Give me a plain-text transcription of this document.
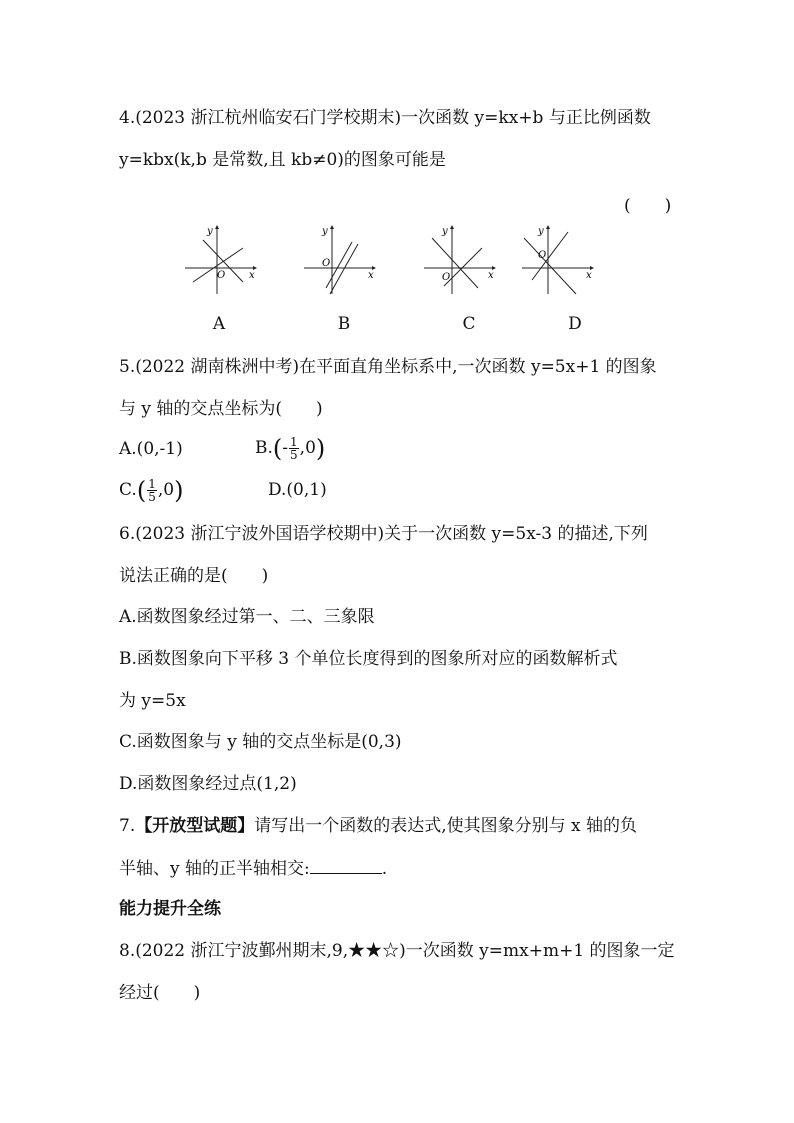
4.(2023 浙江杭州临安石门学校期末)一次函数 y=kx+b 与正比例函数
y=kbx(k,b 是常数,且 kb≠0)的图象可能是
(　　)
y
x
O
A
y
x
O
B
y
x
O
C
y
x
O
D
5.(2022 湖南株洲中考)在平面直角坐标系中,一次函数 y=5x+1 的图象
与 y 轴的交点坐标为(　　)
A.(0,-1)	$B.(- \frac{1}{5} ,0)$
$C.( \frac{1}{5} ,0)$	D.(0,1)
6.(2023 浙江宁波外国语学校期中)关于一次函数 y=5x-3 的描述,下列
说法正确的是(　　)
A.函数图象经过第一、二、三象限
B.函数图象向下平移 3 个单位长度得到的图象所对应的函数解析式
为 y=5x
C.函数图象与 y 轴的交点坐标是(0,3)
D.函数图象经过点(1,2)
7.【开放型试题】请写出一个函数的表达式,使其图象分别与 x 轴的负
半轴、y 轴的正半轴相交:	.
能力提升全练
8.(2022 浙江宁波鄞州期末,9,★★☆)一次函数 y=mx+m+1 的图象一定
经过(　　)
